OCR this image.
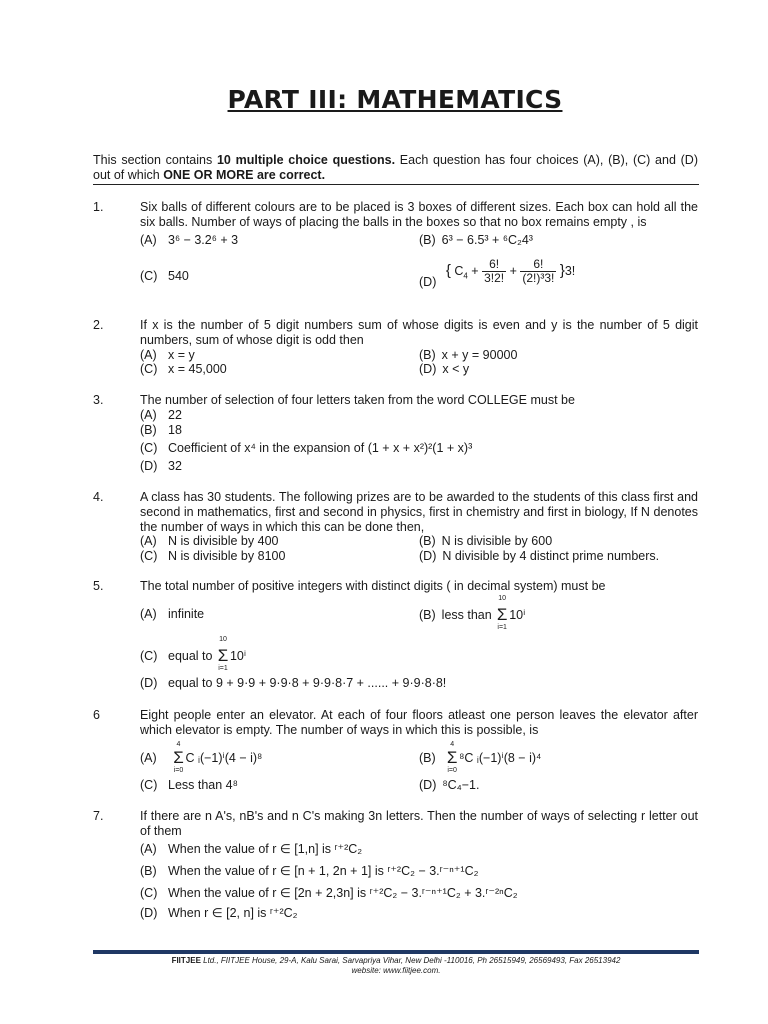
PART III: MATHEMATICS
This section contains 10 multiple choice questions. Each question has four choices (A), (B), (C) and (D) out of which ONE OR MORE are correct.
1.	Six balls of different colours are to be placed is 3 boxes of different sizes. Each box can hold all the six balls. Number of ways of placing the balls in the boxes so that no box remains empty , is
(A) 3⁶ − 3.2⁶ + 3	(B) 6³ − 6.5³ + ⁶C₂4³
(C) 540	(D) { $C_4 + \frac{6!}{3!2!} + \frac{6!}{\text{(2!)³3!}} \}3$!
2.	If x is the number of 5 digit numbers sum of whose digits is even and y is the number of 5 digit numbers, sum of whose digit is odd then
(A) x = y	(B) x + y = 90000
(C) x = 45,000	(D) x < y
3.	The number of selection of four letters taken from the word COLLEGE must be
(A) 22
(B) 18
(C) Coefficient of x⁴ in the expansion of (1 + x + x²)²(1 + x)³
(D) 32
4.	A class has 30 students. The following prizes are to be awarded to the students of this class first and second in mathematics, first and second in physics, first in chemistry and first in biology, If N denotes the number of ways in which this can be done then,
(A) N is divisible by 400	(B) N is divisible by 600
(C) N is divisible by 8100	(D) N divisible by 4 distinct prime numbers.
5.	The total number of positive integers with distinct digits ( in decimal system) must be
(A) infinite	(B) less than
10
Σ
i=1
10ⁱ
(C) equal to
10
Σ
i=1
10ⁱ
(D) equal to 9 + 9·9 + 9·9·8 + 9·9·8·7 + ...... + 9·9·8·8!
6	Eight people enter an elevator. At each of four floors atleast one person leaves the elevator after which elevator is empty. The number of ways in which this is possible, is
(A)
4
Σ
i=0
C ᵢ(−1)ⁱ(4 − i)⁸	(B)
4
Σ
i=0
⁸C ᵢ(−1)ⁱ(8 − i)⁴
(C) Less than 4⁸	(D) ⁸C₄−1.
7.	If there are n A's, nB's and n C's making 3n letters. Then the number of ways of selecting r letter out of them
(A) When the value of r ∈ [1,n] is ʳ⁺²C₂
(B) When the value of r ∈ [n + 1, 2n + 1] is ʳ⁺²C₂ − 3.ʳ⁻ⁿ⁺¹C₂
(C) When the value of r ∈ [2n + 2,3n] is ʳ⁺²C₂ − 3.ʳ⁻ⁿ⁺¹C₂ + 3.ʳ⁻²ⁿC₂
(D) When r ∈ [2, n] is ʳ⁺²C₂
FIITJEE Ltd., FIITJEE House, 29-A, Kalu Sarai, Sarvapriya Vihar, New Delhi -110016, Ph 26515949, 26569493, Fax 26513942
website: www.fiitjee.com.
